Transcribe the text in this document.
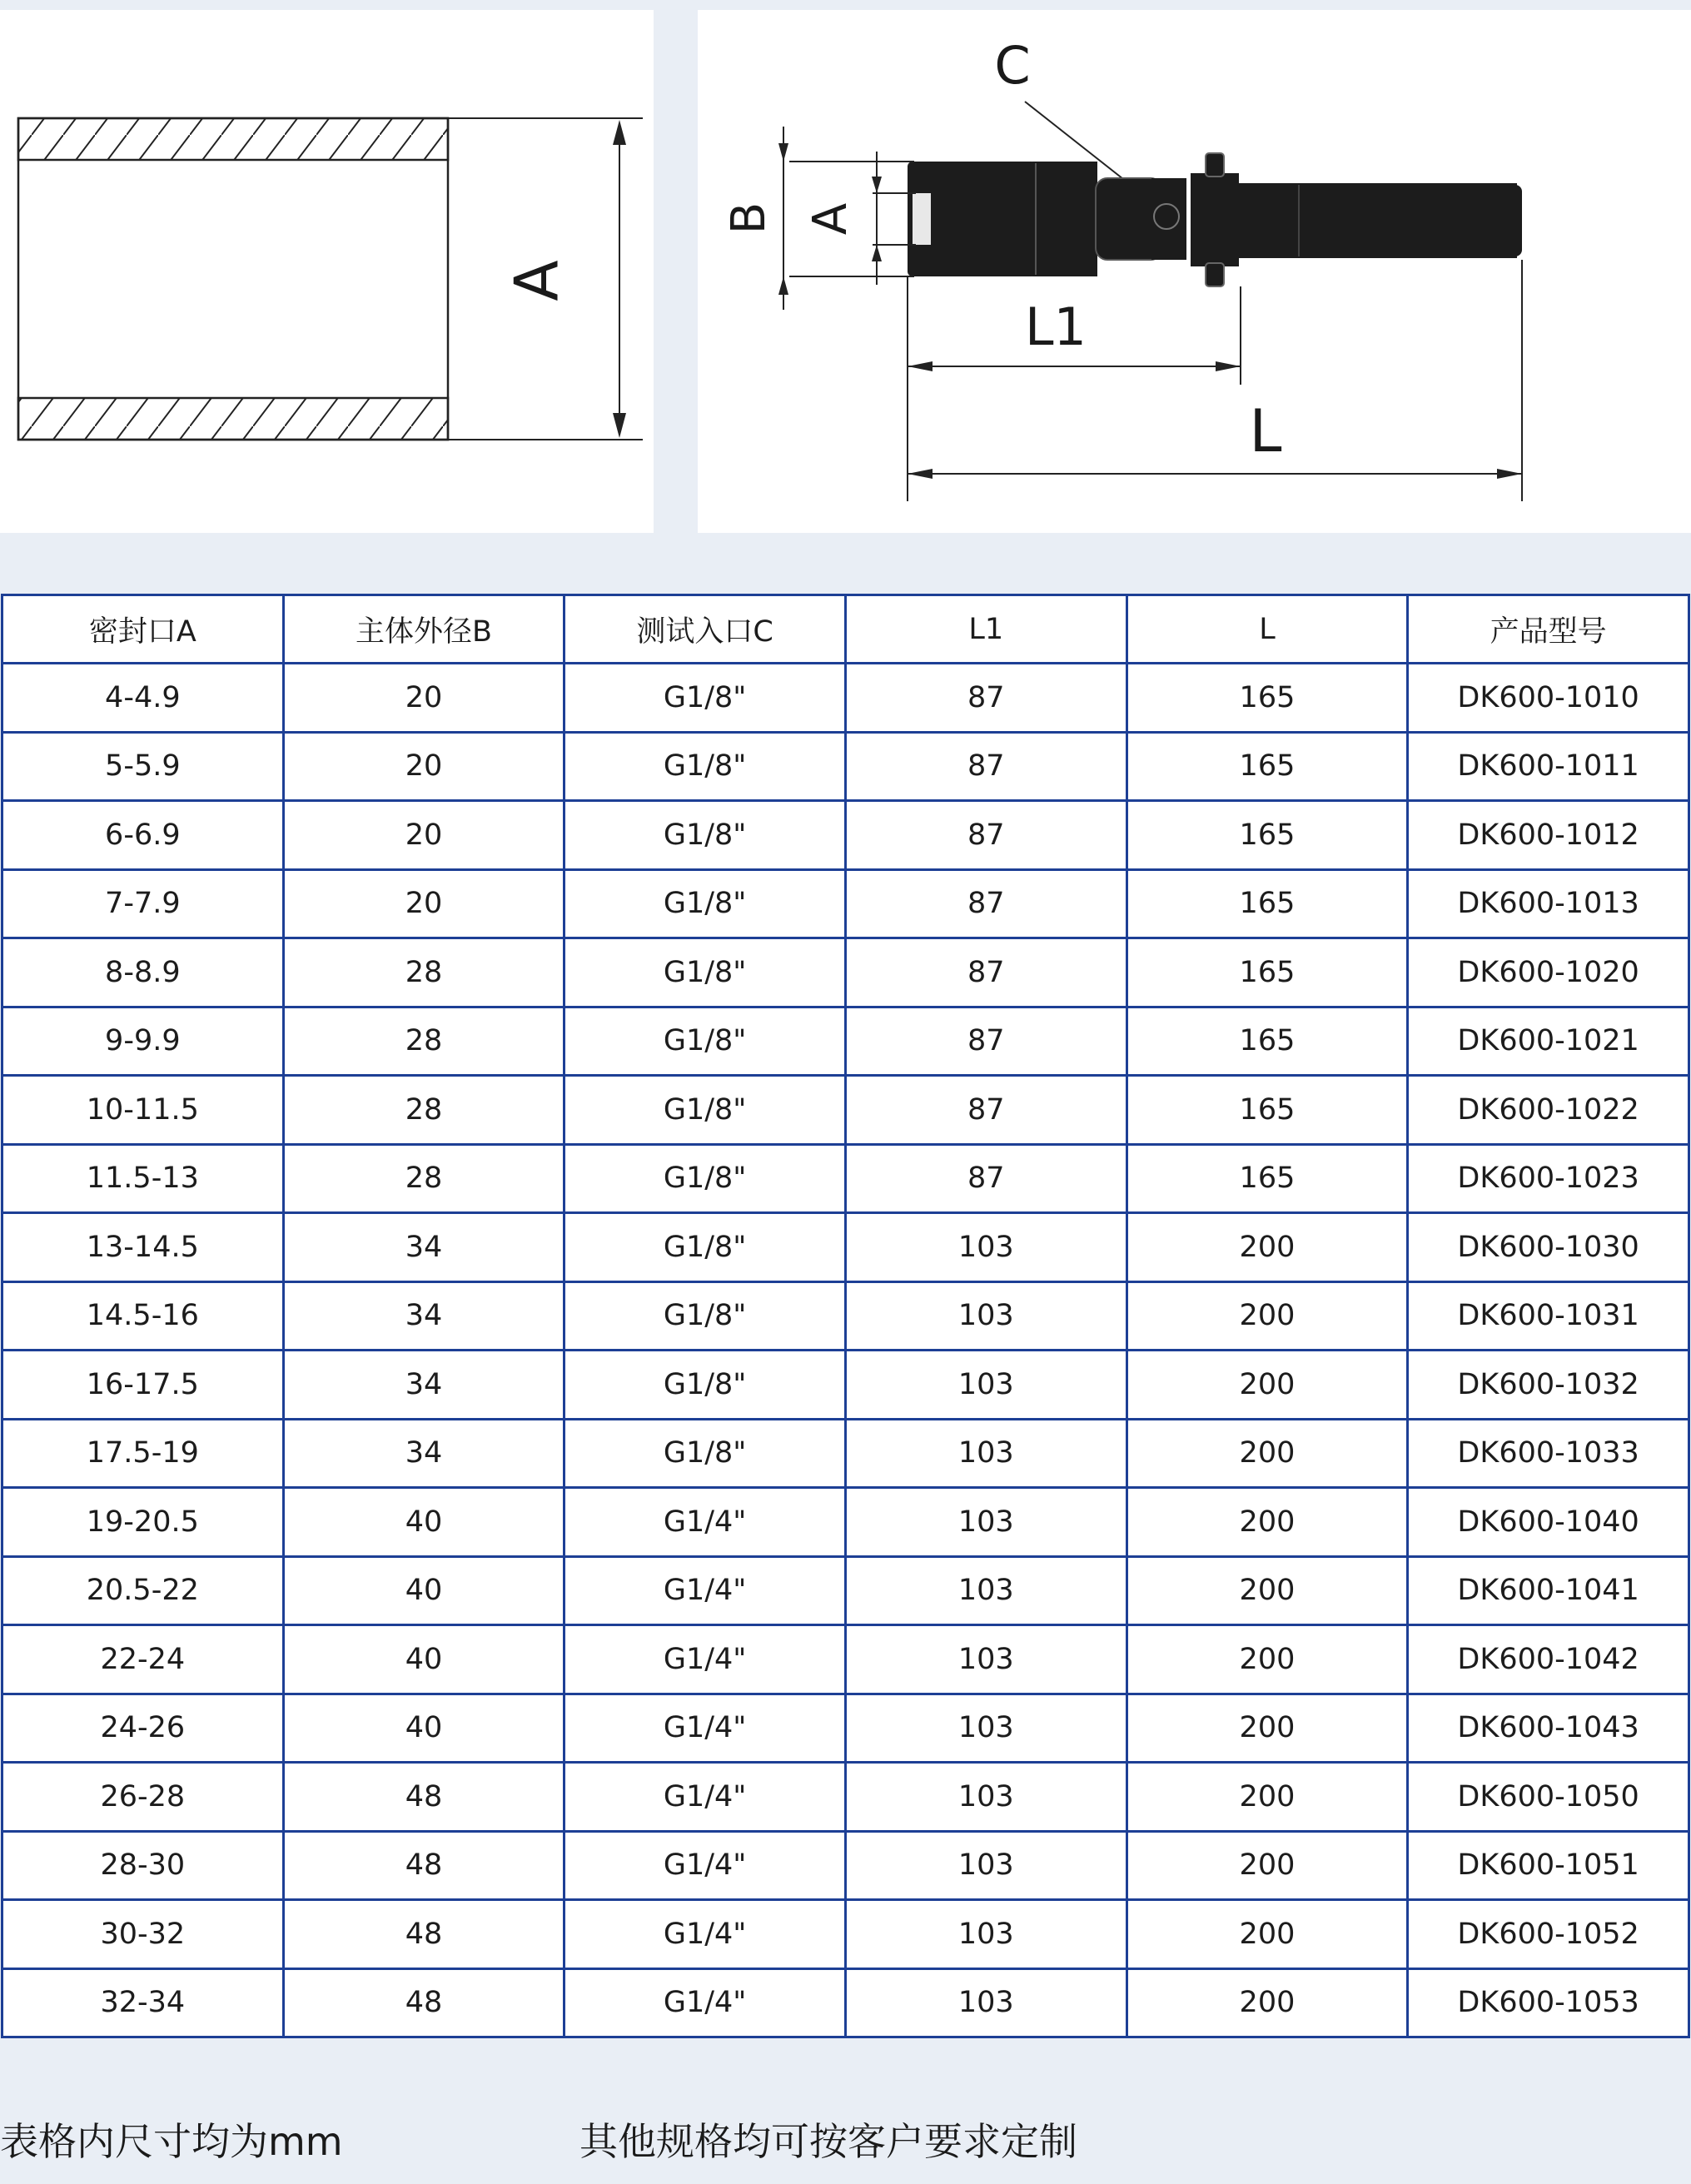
A
C
B A
L1
L
密封口A	主体外径B	测试入口C	L1	L	产品型号
4-4.9	20	G1/8"	87	165	DK600-1010
5-5.9	20	G1/8"	87	165	DK600-1011
6-6.9	20	G1/8"	87	165	DK600-1012
7-7.9	20	G1/8"	87	165	DK600-1013
8-8.9	28	G1/8"	87	165	DK600-1020
9-9.9	28	G1/8"	87	165	DK600-1021
10-11.5	28	G1/8"	87	165	DK600-1022
11.5-13	28	G1/8"	87	165	DK600-1023
13-14.5	34	G1/8"	103	200	DK600-1030
14.5-16	34	G1/8"	103	200	DK600-1031
16-17.5	34	G1/8"	103	200	DK600-1032
17.5-19	34	G1/8"	103	200	DK600-1033
19-20.5	40	G1/4"	103	200	DK600-1040
20.5-22	40	G1/4"	103	200	DK600-1041
22-24	40	G1/4"	103	200	DK600-1042
24-26	40	G1/4"	103	200	DK600-1043
26-28	48	G1/4"	103	200	DK600-1050
28-30	48	G1/4"	103	200	DK600-1051
30-32	48	G1/4"	103	200	DK600-1052
32-34	48	G1/4"	103	200	DK600-1053
表格内尺寸均为mm	其他规格均可按客户要求定制
